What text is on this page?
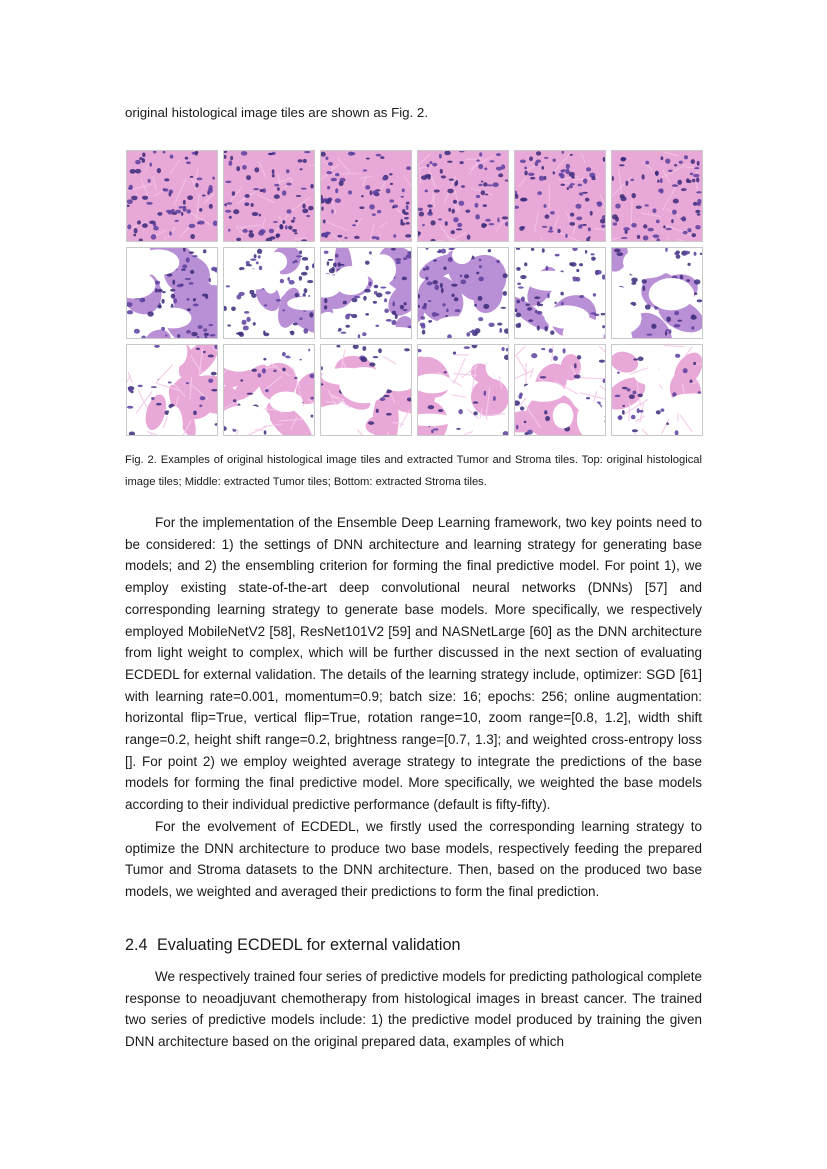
original histological image tiles are shown as Fig. 2.
Fig. 2. Examples of original histological image tiles and extracted Tumor and Stroma tiles. Top: original histological image tiles; Middle: extracted Tumor tiles; Bottom: extracted Stroma tiles.

For the implementation of the Ensemble Deep Learning framework, two key points need to be considered: 1) the settings of DNN architecture and learning strategy for generating base models; and 2) the ensembling criterion for forming the final predictive model. For point 1), we employ existing state-of-the-art deep convolutional neural networks (DNNs) [57] and corresponding learning strategy to generate base models. More specifically, we respectively employed MobileNetV2 [58], ResNet101V2 [59] and NASNetLarge [60] as the DNN architecture from light weight to complex, which will be further discussed in the next section of evaluating ECDEDL for external validation. The details of the learning strategy include, optimizer: SGD [61] with learning rate=0.001, momentum=0.9; batch size: 16; epochs: 256; online augmentation: horizontal flip=True, vertical flip=True, rotation range=10, zoom range=[0.8, 1.2], width shift range=0.2, height shift range=0.2, brightness range=[0.7, 1.3]; and weighted cross-entropy loss []. For point 2) we employ weighted average strategy to integrate the predictions of the base models for forming the final predictive model. More specifically, we weighted the base models according to their individual predictive performance (default is fifty-fifty).

For the evolvement of ECDEDL, we firstly used the corresponding learning strategy to optimize the DNN architecture to produce two base models, respectively feeding the prepared Tumor and Stroma datasets to the DNN architecture. Then, based on the produced two base models, we weighted and averaged their predictions to form the final prediction.

2.4 Evaluating ECDEDL for external validation

We respectively trained four series of predictive models for predicting pathological complete response to neoadjuvant chemotherapy from histological images in breast cancer. The trained two series of predictive models include: 1) the predictive model produced by training the given DNN architecture based on the original prepared data, examples of which
